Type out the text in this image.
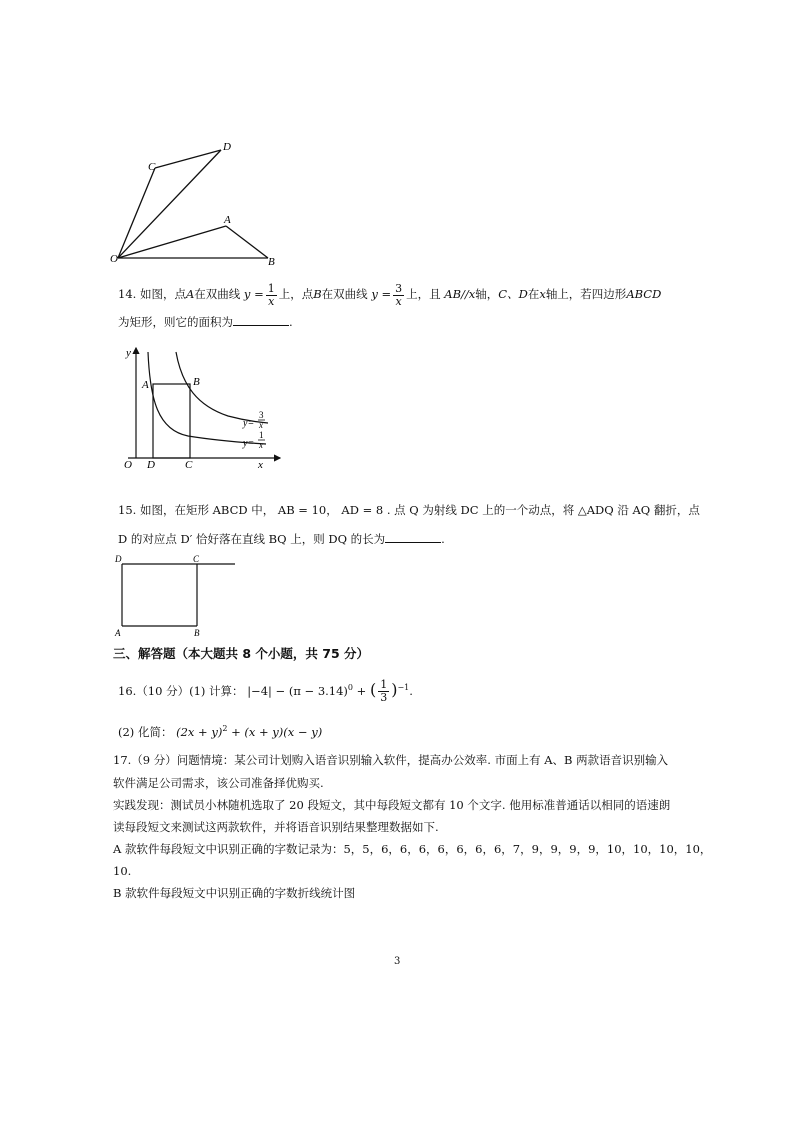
C
D
A
O	B
14. 如图，点A在双曲线 $y = \frac{1}{x}$ 上，点B在双曲线 $y = \frac{3}{x}$ 上，且 AB//x轴，C、D在x轴上，若四边形ABCD
为矩形，则它的面积为	.
y
A	B
O D	C	x
y=
3
x
y=
1
x
15. 如图，在矩形 ABCD 中， AB = 10， AD = 8 . 点 Q 为射线 DC 上的一个动点，将 △ADQ 沿 AQ 翻折，点
D 的对应点 D′ 恰好落在直线 BQ 上，则 DQ 的长为	.
D	C
A	B
三、解答题（本大题共 8 个小题，共 75 分）
16.（10 分）(1) 计算： $|-4| - (\pi - 3.14)^0$ + ( $\frac{1}{3} )^{-1}$.
(2) 化简： $(2x + y)^2 + (x + y)(x - y)$
17.（9 分）问题情境：某公司计划购入语音识别输入软件，提高办公效率. 市面上有 A、B 两款语音识别输入
软件满足公司需求，该公司准备择优购买.
实践发现：测试员小林随机选取了 20 段短文，其中每段短文都有 10 个文字. 他用标准普通话以相同的语速朗
读每段短文来测试这两款软件，并将语音识别结果整理数据如下.
A 款软件每段短文中识别正确的字数记录为：5，5，6，6，6，6，6，6，6，7，9，9，9，9，10，10，10，10，
10.
B 款软件每段短文中识别正确的字数折线统计图
3
